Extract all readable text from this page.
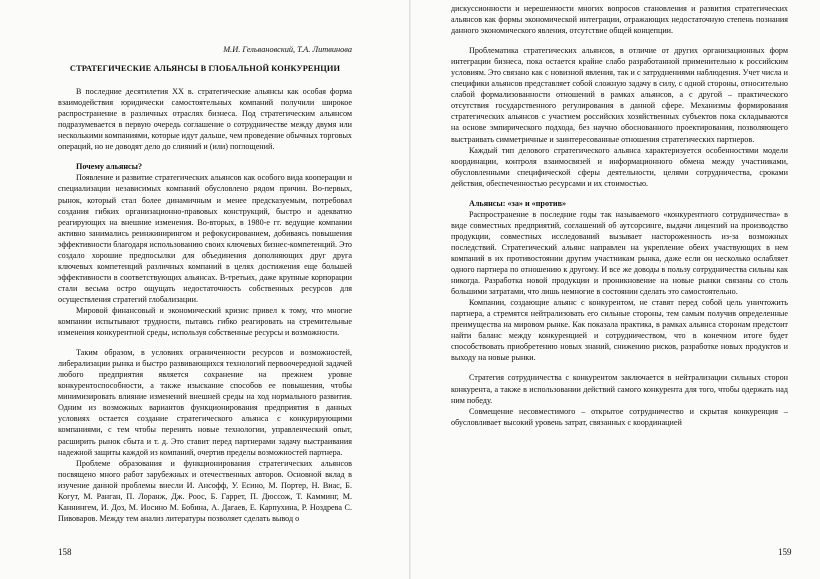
М.И. Гельвановский, Т.А. Литвинова

СТРАТЕГИЧЕСКИЕ АЛЬЯНСЫ В ГЛОБАЛЬНОЙ КОНКУРЕНЦИИ

В последние десятилетия XX в. стратегические альянсы как особая форма взаимодействия юридически самостоятельных компаний получили широкое распространение в различных отраслях бизнеса. Под стратегическим альянсом подразумевается в первую очередь соглашение о сотрудничестве между двумя или несколькими компаниями, которые идут дальше, чем проведение обычных торговых операций, но не доводят дело до слияний и (или) поглощений.

Почему альянсы?

Появление и развитие стратегических альянсов как особого вида кооперации и специализации независимых компаний обусловлено рядом причин. Во-первых, рынок, который стал более динамичным и менее предсказуемым, потребовал создания гибких организационно-правовых конструкций, быстро и адекватно реагирующих на внешние изменения. Во-вторых, в 1980-е гг. ведущие компании активно занимались реинжинирингом и рефокусированием, добиваясь повышения эффективности благодаря использованию своих ключевых бизнес-компетенций. Это создало хорошие предпосылки для объединения дополняющих друг друга ключевых компетенций различных компаний в целях достижения еще большей эффективности в соответствующих альянсах. В-третьих, даже крупные корпорации стали весьма остро ощущать недостаточность собственных ресурсов для осуществления стратегий глобализации.

Мировой финансовый и экономический кризис привел к тому, что многие компании испытывают трудности, пытаясь гибко реагировать на стремительные изменения конкурентной среды, используя собственные ресурсы и возможности.

Таким образом, в условиях ограниченности ресурсов и возможностей, либерализации рынка и быстро развивающихся технологий первоочередной задачей любого предприятия является сохранение на прежнем уровне конкурентоспособности, а также изыскание способов ее повышения, чтобы минимизировать влияние изменений внешней среды на ход нормального развития. Одним из возможных вариантов функционирования предприятия в данных условиях остается создание стратегического альянса с конкурирующими компаниями, с тем чтобы перенять новые технологии, управленческий опыт, расширить рынок сбыта и т. д. Это ставит перед партнерами задачу выстраивания надежной защиты каждой из компаний, очертив пределы возможностей партнера.

Проблеме образования и функционирования стратегических альянсов посвящено много работ зарубежных и отечественных авторов. Основной вклад в изучение данной проблемы внесли И. Ансофф, У. Есино, М. Портер, Н. Виас, Б. Когут, М. Ранган, П. Лоранж, Дж. Роос, Б. Гаррет, П. Дюссож, Т. Камминг, М. Каннингем, И. Доз, М. Иосино М. Бобина, А. Дагаев, Е. Карпухина, Р. Ноздрева С. Пивоваров. Между тем анализ литературы позволяет сделать вывод о

158

дискуссионности и нерешенности многих вопросов становления и развития стратегических альянсов как формы экономической интеграции, отражающих недостаточную степень познания данного экономического явления, отсутствие общей концепции.

Проблематика стратегических альянсов, в отличие от других организационных форм интеграции бизнеса, пока остается крайне слабо разработанной применительно к российским условиям. Это связано как с новизной явления, так и с затруднениями наблюдения. Учет числа и специфики альянсов представляет собой сложную задачу в силу, с одной стороны, относительно слабой формализованности отношений в рамках альянсов, а с другой – практического отсутствия государственного регулирования в данной сфере. Механизмы формирования стратегических альянсов с участием российских хозяйственных субъектов пока складываются на основе эмпирического подхода, без научно обоснованного проектирования, позволяющего выстраивать симметричные и заинтересованные отношения стратегических партнеров.

Каждый тип делового стратегического альянса характеризуется особенностями модели координации, контроля взаимосвязей и информационного обмена между участниками, обусловленными специфической сферы деятельности, целями сотрудничества, сроками действия, обеспеченностью ресурсами и их стоимостью.

Альянсы: «за» и «против»

Распространение в последние годы так называемого «конкурентного сотрудничества» в виде совместных предприятий, соглашений об аутсорсинге, выдачи лицензий на производство продукции, совместных исследований вызывает настороженность из-за возможных последствий. Стратегический альянс направлен на укрепление обеих участвующих в нем компаний в их противостоянии другим участникам рынка, даже если он несколько ослабляет одного партнера по отношению к другому. И все же доводы в пользу сотрудничества сильны как никогда. Разработка новой продукции и проникновение на новые рынки связаны со столь большими затратами, что лишь немногие в состоянии сделать это самостоятельно.

Компании, создающие альянс с конкурентом, не ставят перед собой цель уничтожить партнера, а стремятся нейтрализовать его сильные стороны, тем самым получив определенные преимущества на мировом рынке. Как показала практика, в рамках альянса сторонам предстоит найти баланс между конкуренцией и сотрудничеством, что в конечном итоге будет способствовать приобретению новых знаний, снижению рисков, разработке новых продуктов и выходу на новые рынки.

Стратегия сотрудничества с конкурентом заключается в нейтрализации сильных сторон конкурента, а также в использовании действий самого конкурента для того, чтобы одержать над ним победу.

Совмещение несовместимого – открытое сотрудничество и скрытая конкуренция – обусловливает высокий уровень затрат, связанных с координацией

159
